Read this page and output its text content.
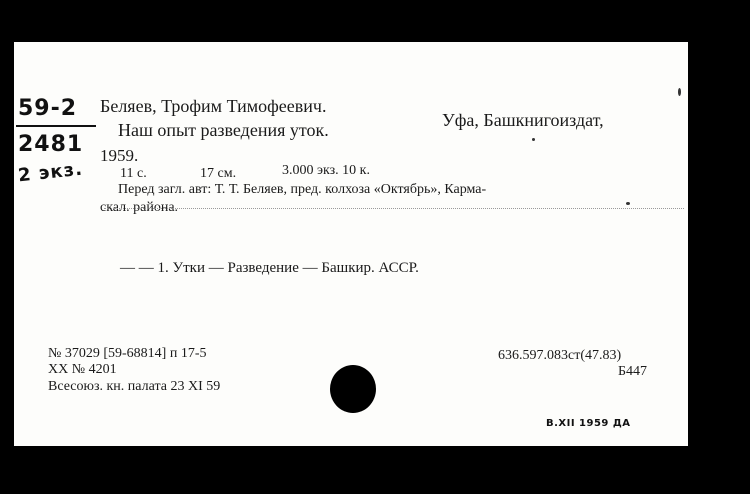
59-2
2481
2 экз.
Беляев, Трофим Тимофеевич.
Наш опыт разведения уток.	Уфа, Башкнигоиздат,
1959.
11 с.	17 см.	3.000 экз. 10 к.
Перед загл. авт: Т. Т. Беляев, пред. колхоза «Октябрь», Карма-
скал. района.
— — 1. Утки — Разведение — Башкир. АССР.
№ 37029 [59-68814] п 17-5
XX № 4201
Всесоюз. кн. палата 23 XI 59
636.597.083ст(47.83)
Б447
В.XII 1959 ДА
